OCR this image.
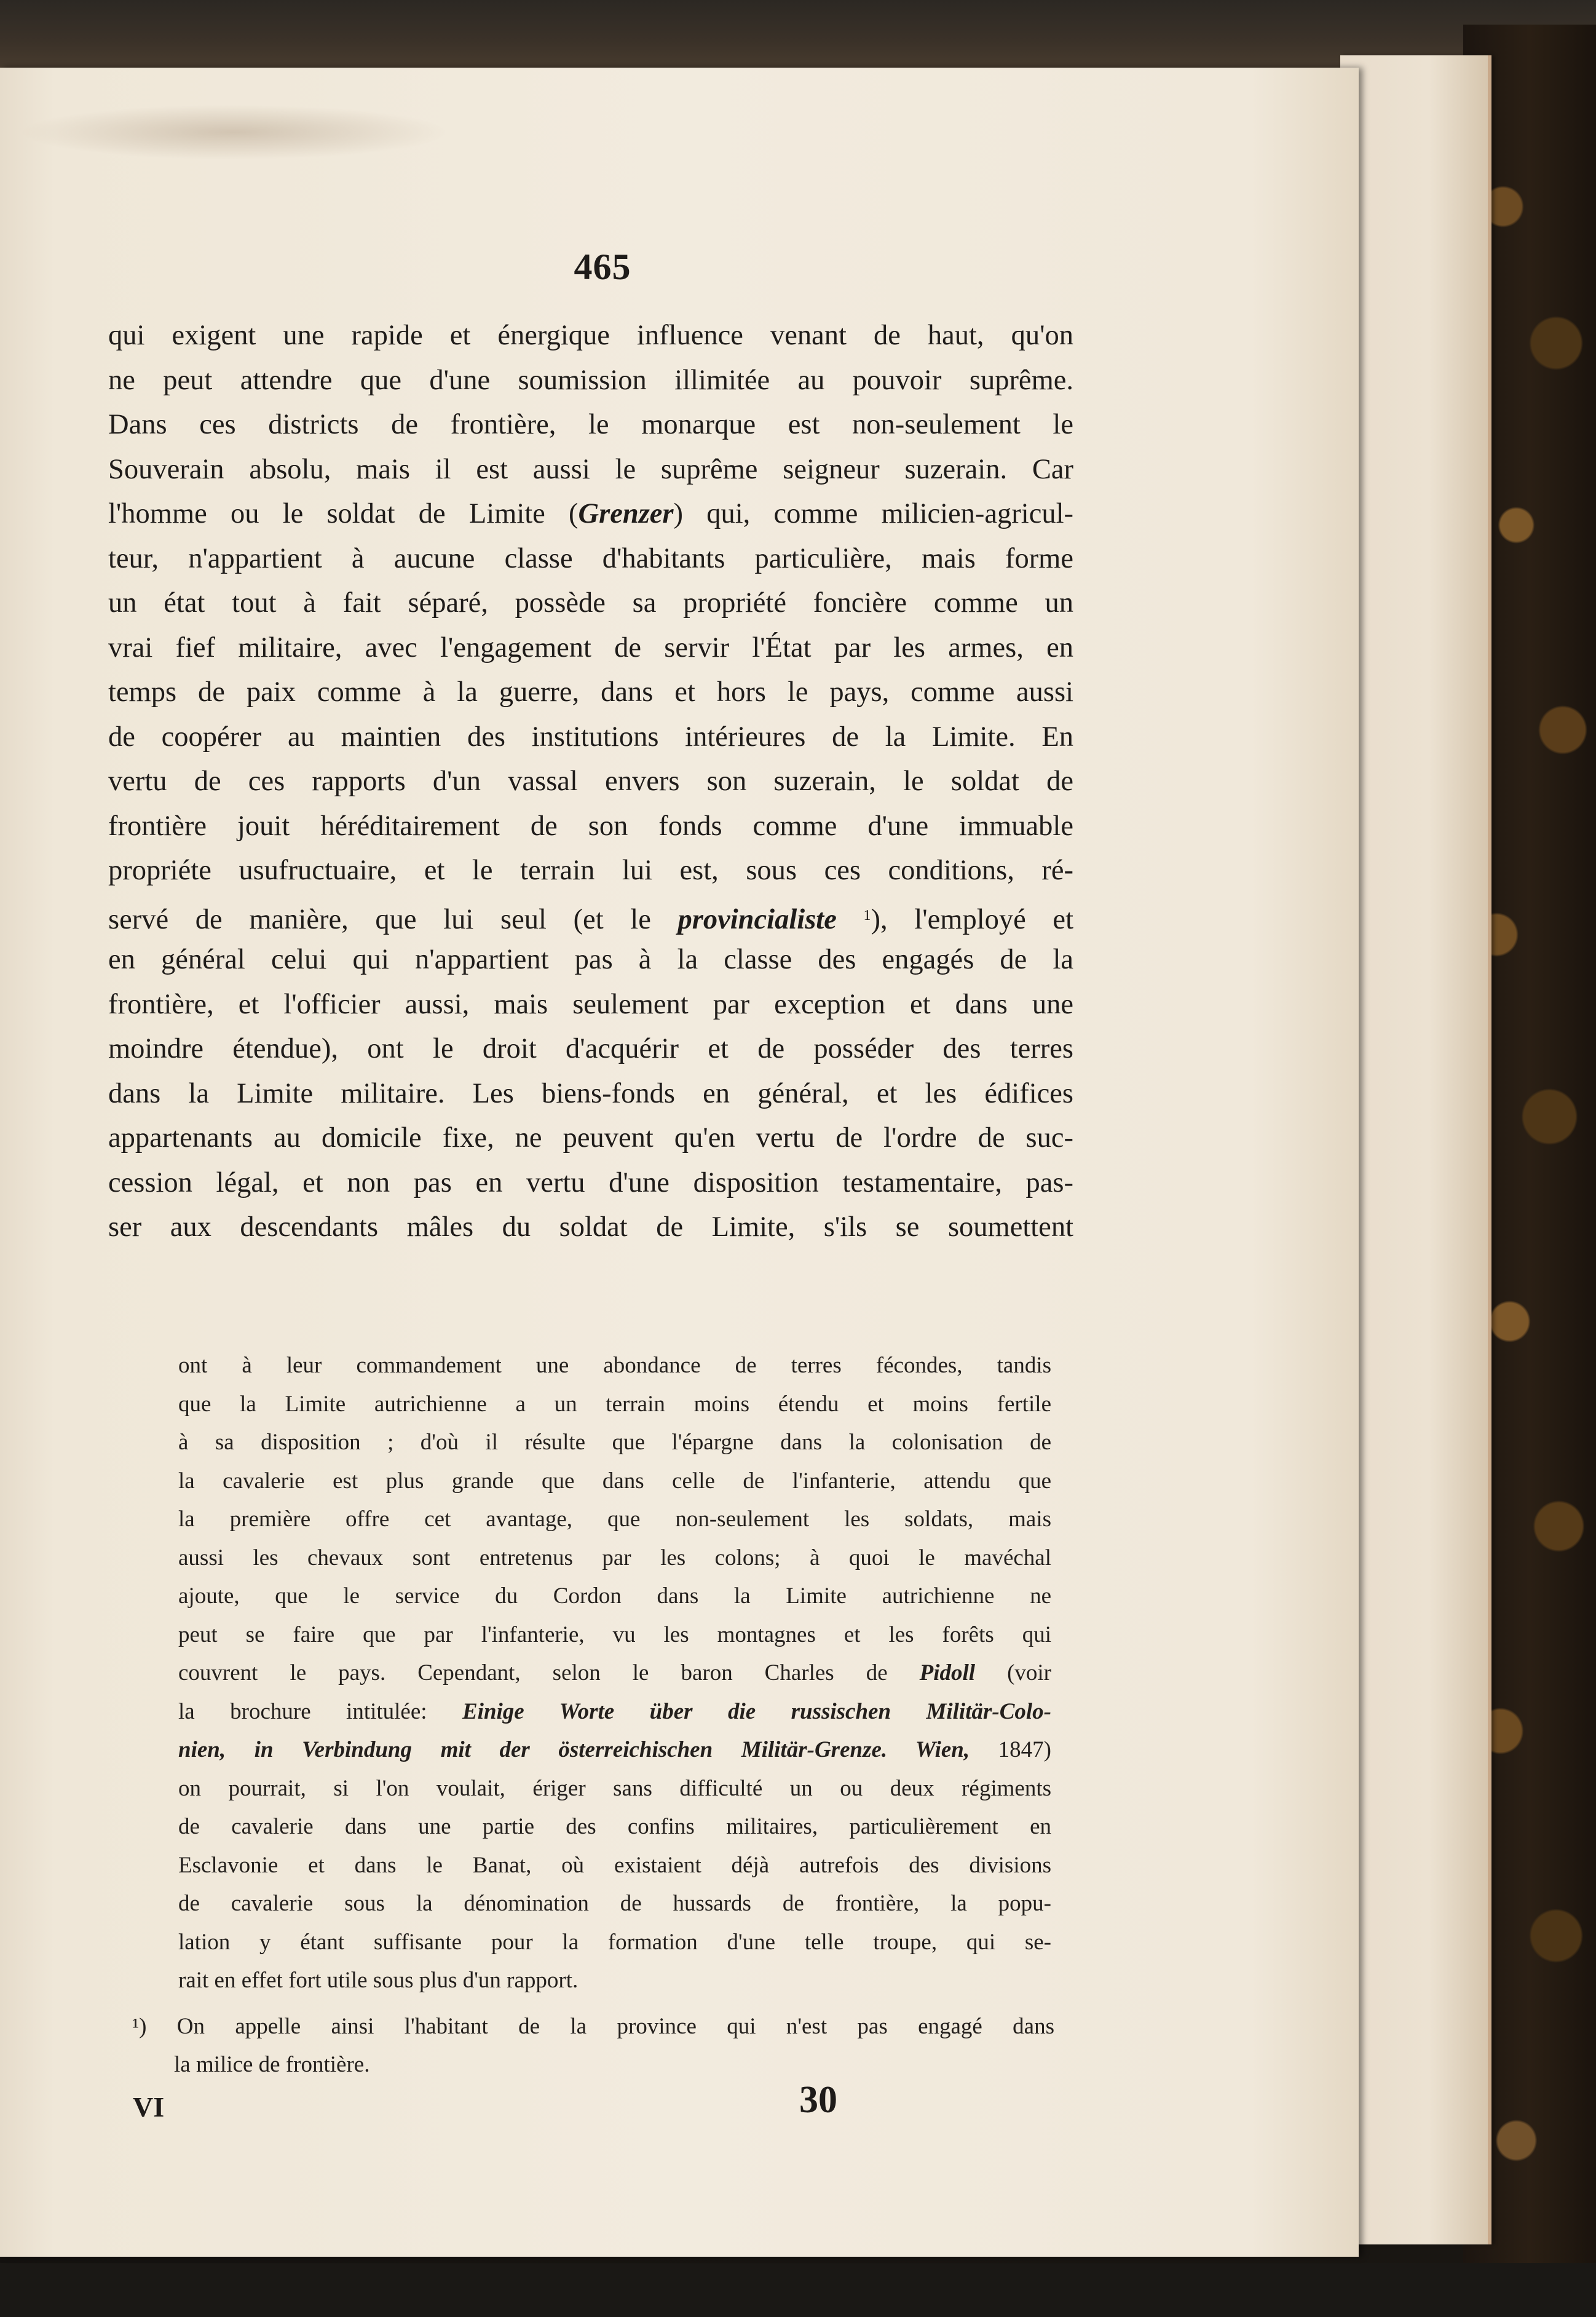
465
qui exigent une rapide et énergique influence venant de haut, qu'on
ne peut attendre que d'une soumission illimitée au pouvoir suprême.
Dans ces districts de frontière, le monarque est non-seulement le
Souverain absolu, mais il est aussi le suprême seigneur suzerain. Car
l'homme ou le soldat de Limite (Grenzer) qui, comme milicien-agricul-
teur, n'appartient à aucune classe d'habitants particulière, mais forme
un état tout à fait séparé, possède sa propriété foncière comme un
vrai fief militaire, avec l'engagement de servir l'État par les armes, en
temps de paix comme à la guerre, dans et hors le pays, comme aussi
de coopérer au maintien des institutions intérieures de la Limite. En
vertu de ces rapports d'un vassal envers son suzerain, le soldat de
frontière jouit héréditairement de son fonds comme d'une immuable
propriéte usufructuaire, et le terrain lui est, sous ces conditions, ré-
servé de manière, que lui seul (et le provincialiste $^1$), l'employé et
en général celui qui n'appartient pas à la classe des engagés de la
frontière, et l'officier aussi, mais seulement par exception et dans une
moindre étendue), ont le droit d'acquérir et de posséder des terres
dans la Limite militaire. Les biens-fonds en général, et les édifices
appartenants au domicile fixe, ne peuvent qu'en vertu de l'ordre de suc-
cession légal, et non pas en vertu d'une disposition testamentaire, pas-
ser aux descendants mâles du soldat de Limite, s'ils se soumettent
ont à leur commandement une abondance de terres fécondes, tandis
que la Limite autrichienne a un terrain moins étendu et moins fertile
à sa disposition ; d'où il résulte que l'épargne dans la colonisation de
la cavalerie est plus grande que dans celle de l'infanterie, attendu que
la première offre cet avantage, que non-seulement les soldats, mais
aussi les chevaux sont entretenus par les colons; à quoi le mavéchal
ajoute, que le service du Cordon dans la Limite autrichienne ne
peut se faire que par l'infanterie, vu les montagnes et les forêts qui
couvrent le pays. Cependant, selon le baron Charles de Pidoll (voir
la brochure intitulée: Einige Worte über die russischen Militär-Colo-
nien, in Verbindung mit der österreichischen Militär-Grenze. Wien, 1847)
on pourrait, si l'on voulait, ériger sans difficulté un ou deux régiments
de cavalerie dans une partie des confins militaires, particulièrement en
Esclavonie et dans le Banat, où existaient déjà autrefois des divisions
de cavalerie sous la dénomination de hussards de frontière, la popu-
lation y étant suffisante pour la formation d'une telle troupe, qui se-
rait en effet fort utile sous plus d'un rapport.
¹) On appelle ainsi l'habitant de la province qui n'est pas engagé dans
la milice de frontière.
VI	30
